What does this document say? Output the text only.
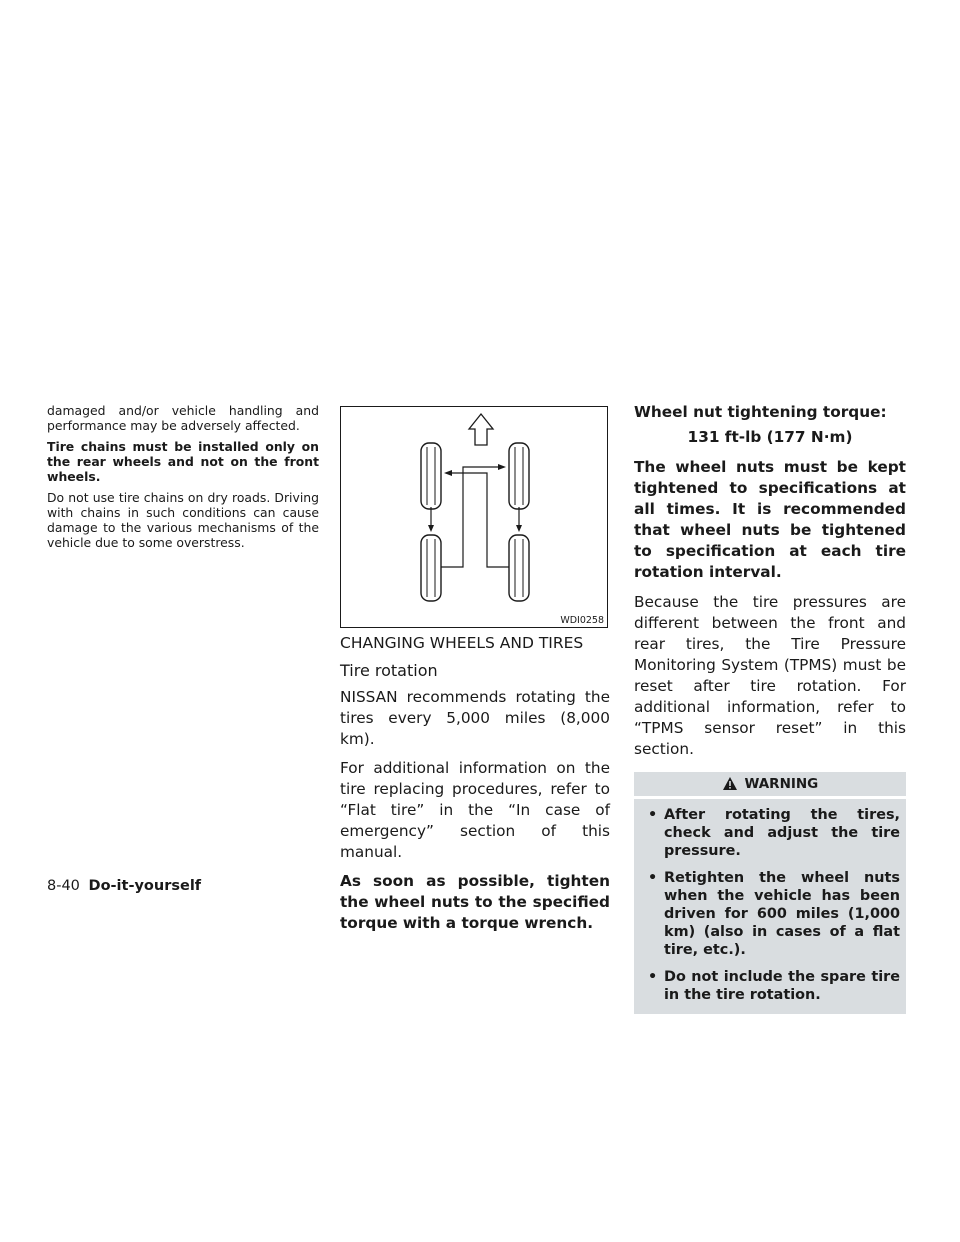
damaged and/or vehicle handling and performance may be adversely affected.

Tire chains must be installed only on the rear wheels and not on the front wheels.

Do not use tire chains on dry roads. Driving with chains in such conditions can cause damage to the various mechanisms of the vehicle due to some overstress.

WDI0258

CHANGING WHEELS AND TIRES

Tire rotation

NISSAN recommends rotating the tires every 5,000 miles (8,000 km).

For additional information on the tire replacing procedures, refer to “Flat tire” in the “In case of emergency” section of this manual.

As soon as possible, tighten the wheel nuts to the specified torque with a torque wrench.

Wheel nut tightening torque:

131 ft-lb (177 N·m)

The wheel nuts must be kept tightened to specifications at all times. It is recommended that wheel nuts be tightened to specification at each tire rotation interval.

Because the tire pressures are different between the front and rear tires, the Tire Pressure Monitoring System (TPMS) must be reset after tire rotation. For additional information, refer to “TPMS sensor reset” in this section.

WARNING

• After rotating the tires, check and adjust the tire pressure.

• Retighten the wheel nuts when the vehicle has been driven for 600 miles (1,000 km) (also in cases of a flat tire, etc.).

• Do not include the spare tire in the tire rotation.

8-40 Do-it-yourself
